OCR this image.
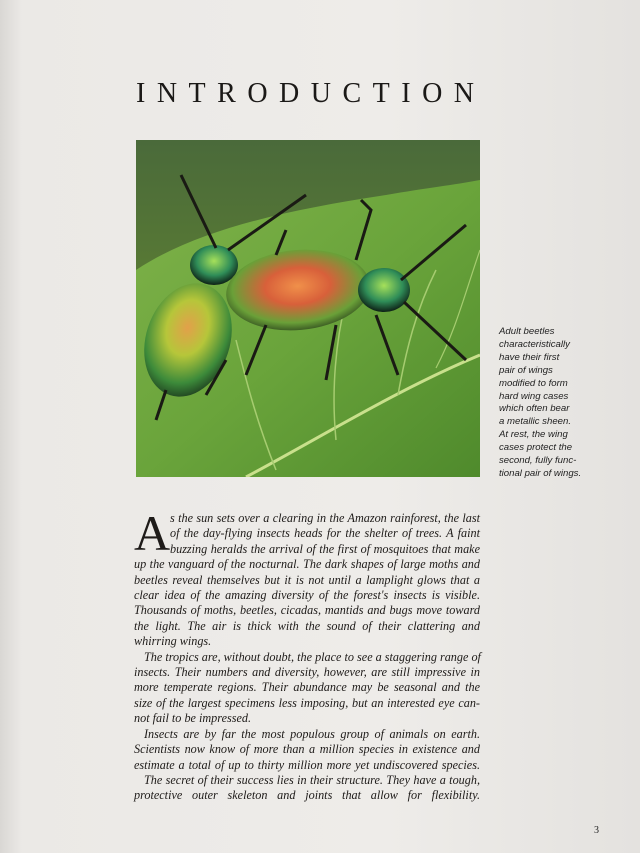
INTRODUCTION
Adult beetles
characteristically
have their first
pair of wings
modified to form
hard wing cases
which often bear
a metallic sheen.
At rest, the wing
cases protect the
second, fully func-
tional pair of wings.
A s the sun sets over a clearing in the Amazon rainforest, the last
of the day-flying insects heads for the shelter of trees. A faint
buzzing heralds the arrival of the first of mosquitoes that make
up the vanguard of the nocturnal. The dark shapes of large moths and
beetles reveal themselves but it is not until a lamplight glows that a
clear idea of the amazing diversity of the forest's insects is visible.
Thousands of moths, beetles, cicadas, mantids and bugs move toward
the light. The air is thick with the sound of their clattering and
whirring wings.
The tropics are, without doubt, the place to see a staggering range of
insects. Their numbers and diversity, however, are still impressive in
more temperate regions. Their abundance may be seasonal and the
size of the largest specimens less imposing, but an interested eye can-
not fail to be impressed.
Insects are by far the most populous group of animals on earth.
Scientists now know of more than a million species in existence and
estimate a total of up to thirty million more yet undiscovered species.
The secret of their success lies in their structure. They have a tough,
protective outer skeleton and joints that allow for flexibility.
3
